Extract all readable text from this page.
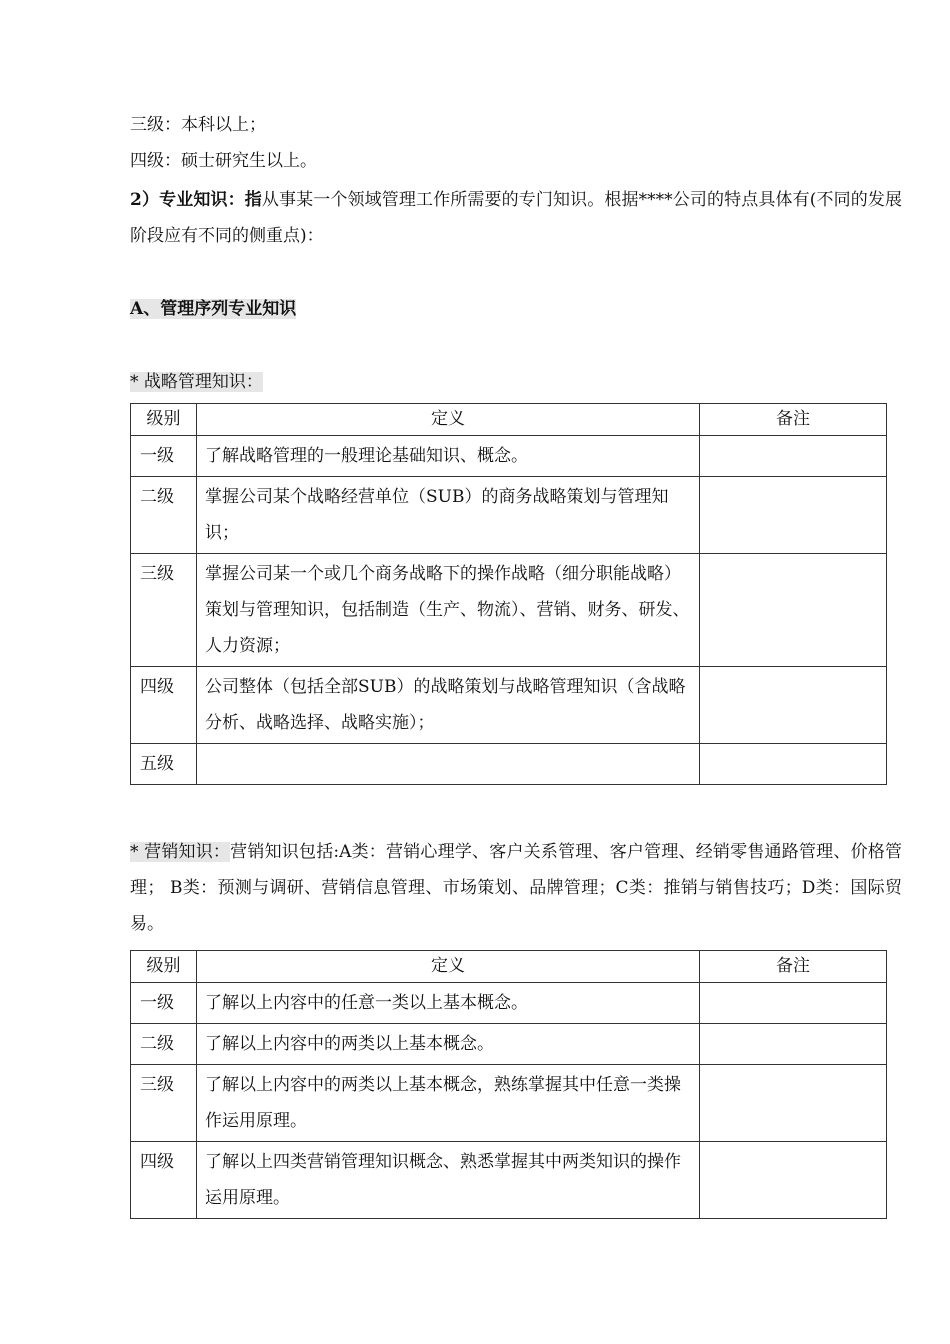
三级：本科以上；
四级：硕士研究生以上。
2）专业知识：指从事某一个领域管理工作所需要的专门知识。根据****公司的特点具体有(不同的发展阶段应有不同的侧重点)：
A、管理序列专业知识
* 战略管理知识：
级别	定义	备注
一级	了解战略管理的一般理论基础知识、概念。	
二级	掌握公司某个战略经营单位（SUB）的商务战略策划与管理知识；	
三级	掌握公司某一个或几个商务战略下的操作战略（细分职能战略）策划与管理知识，包括制造（生产、物流）、营销、财务、研发、人力资源；	
四级	公司整体（包括全部SUB）的战略策划与战略管理知识（含战略分析、战略选择、战略实施）；	
五级		
* 营销知识：营销知识包括:A类：营销心理学、客户关系管理、客户管理、经销零售通路管理、价格管理； B类：预测与调研、营销信息管理、市场策划、品牌管理；C类：推销与销售技巧；D类：国际贸易。
级别	定义	备注
一级	了解以上内容中的任意一类以上基本概念。	
二级	了解以上内容中的两类以上基本概念。	
三级	了解以上内容中的两类以上基本概念，熟练掌握其中任意一类操作运用原理。	
四级	了解以上四类营销管理知识概念、熟悉掌握其中两类知识的操作运用原理。	
